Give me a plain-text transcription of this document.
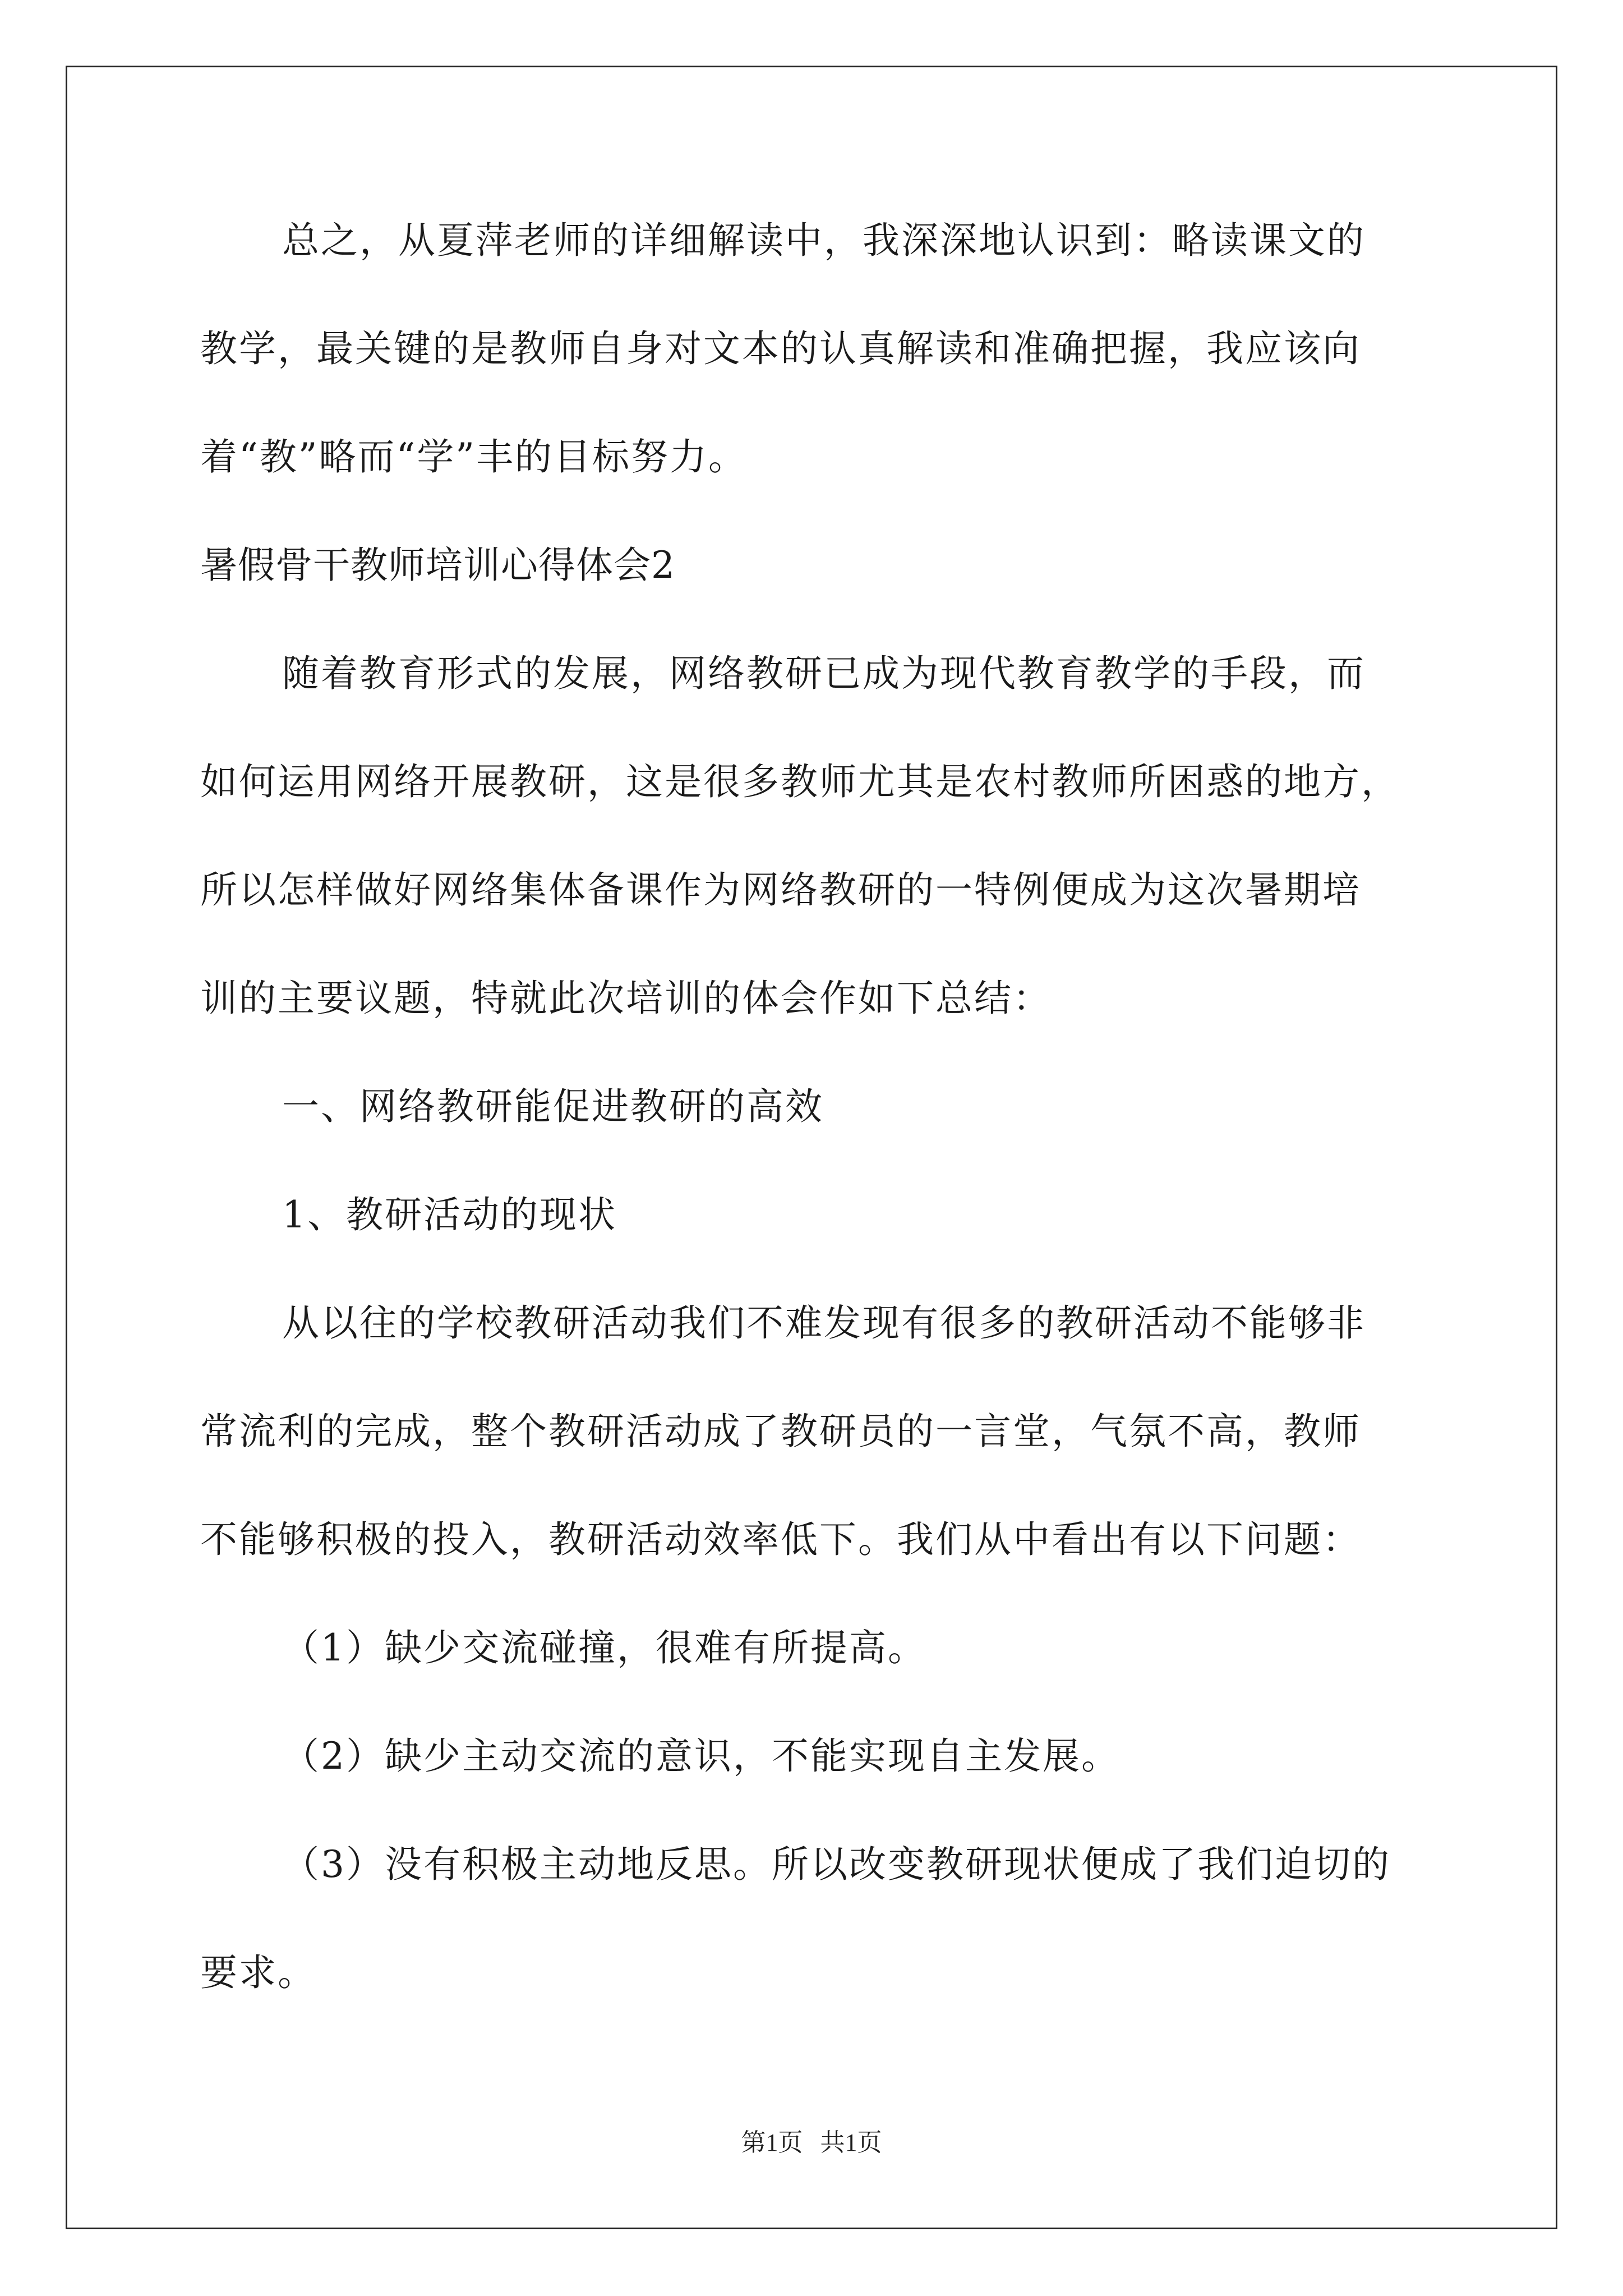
总之，从夏萍老师的详细解读中，我深深地认识到：略读课文的
教学，最关键的是教师自身对文本的认真解读和准确把握，我应该向
着“教”略而“学”丰的目标努力。
暑假骨干教师培训心得体会2
随着教育形式的发展，网络教研已成为现代教育教学的手段，而
如何运用网络开展教研，这是很多教师尤其是农村教师所困惑的地方，
所以怎样做好网络集体备课作为网络教研的一特例便成为这次暑期培
训的主要议题，特就此次培训的体会作如下总结：
一、网络教研能促进教研的高效
1、教研活动的现状
从以往的学校教研活动我们不难发现有很多的教研活动不能够非
常流利的完成，整个教研活动成了教研员的一言堂，气氛不高，教师
不能够积极的投入，教研活动效率低下。我们从中看出有以下问题：
（1）缺少交流碰撞，很难有所提高。
（2）缺少主动交流的意识，不能实现自主发展。
（3）没有积极主动地反思。所以改变教研现状便成了我们迫切的
要求。
第1页 共1页
